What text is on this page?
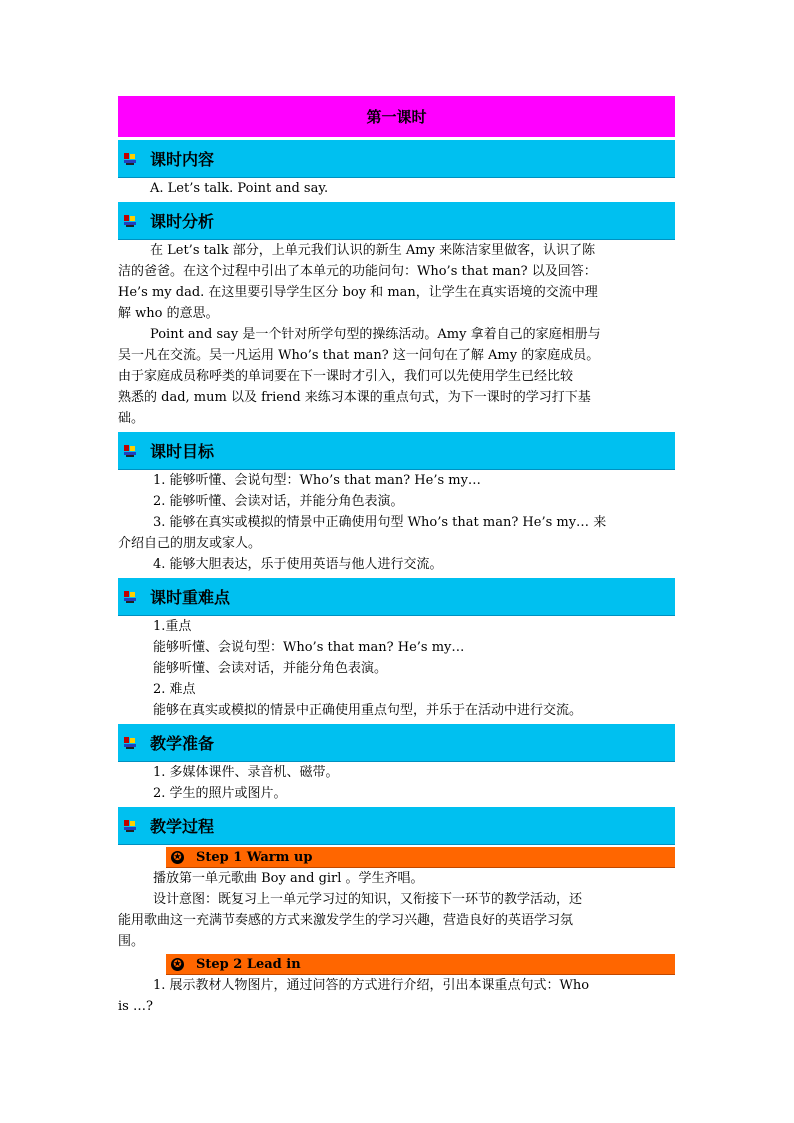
第一课时
课时内容
A. Let’s talk. Point and say.
课时分析
在 Let’s talk 部分，上单元我们认识的新生 Amy 来陈洁家里做客，认识了陈
洁的爸爸。在这个过程中引出了本单元的功能问句：Who’s that man? 以及回答：
He’s my dad. 在这里要引导学生区分 boy 和 man，让学生在真实语境的交流中理
解 who 的意思。
Point and say 是一个针对所学句型的操练活动。Amy 拿着自己的家庭相册与
吴一凡在交流。吴一凡运用 Who’s that man? 这一问句在了解 Amy 的家庭成员。
由于家庭成员称呼类的单词要在下一课时才引入，我们可以先使用学生已经比较
熟悉的 dad, mum 以及 friend 来练习本课的重点句式，为下一课时的学习打下基
础。
课时目标
1. 能够听懂、会说句型：Who’s that man? He’s my…
2. 能够听懂、会读对话，并能分角色表演。
3. 能够在真实或模拟的情景中正确使用句型 Who’s that man? He’s my… 来
介绍自己的朋友或家人。
4. 能够大胆表达，乐于使用英语与他人进行交流。
课时重难点
1.重点
能够听懂、会说句型：Who’s that man? He’s my…
能够听懂、会读对话，并能分角色表演。
2. 难点
能够在真实或模拟的情景中正确使用重点句型，并乐于在活动中进行交流。
教学准备
1. 多媒体课件、录音机、磁带。
2. 学生的照片或图片。
教学过程
✪ Step 1 Warm up
播放第一单元歌曲 Boy and girl 。学生齐唱。
设计意图：既复习上一单元学习过的知识，又衔接下一环节的教学活动，还
能用歌曲这一充满节奏感的方式来激发学生的学习兴趣，营造良好的英语学习氛
围。
✪ Step 2 Lead in
1. 展示教材人物图片，通过问答的方式进行介绍，引出本课重点句式：Who
is …?
